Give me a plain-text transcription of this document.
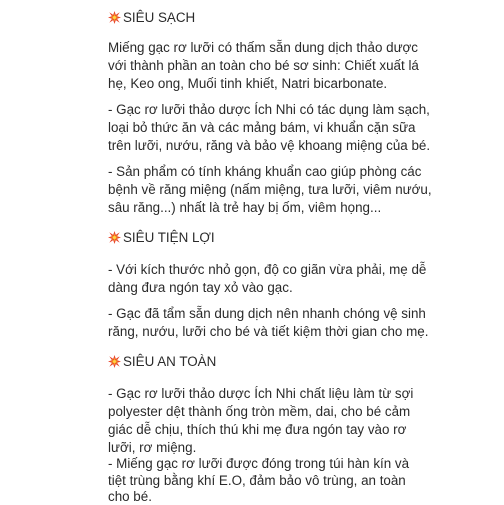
SIÊU SẠCH
Miếng gạc rơ lưỡi có thấm sẵn dung dịch thảo dược
với thành phần an toàn cho bé sơ sinh: Chiết xuất lá
hẹ, Keo ong, Muối tinh khiết, Natri bicarbonate.
- Gạc rơ lưỡi thảo dược Ích Nhi có tác dụng làm sạch,
loại bỏ thức ăn và các mảng bám, vi khuẩn cặn sữa
trên lưỡi, nướu, răng và bảo vệ khoang miệng của bé.
- Sản phẩm có tính kháng khuẩn cao giúp phòng các
bệnh về răng miệng (nấm miệng, tưa lưỡi, viêm nướu,
sâu răng...) nhất là trẻ hay bị ốm, viêm họng...
SIÊU TIỆN LỢI
- Với kích thước nhỏ gọn, độ co giãn vừa phải, mẹ dễ
dàng đưa ngón tay xỏ vào gạc.
- Gạc đã tẩm sẵn dung dịch nên nhanh chóng vệ sinh
răng, nướu, lưỡi cho bé và tiết kiệm thời gian cho mẹ.
SIÊU AN TOÀN
- Gạc rơ lưỡi thảo dược Ích Nhi chất liệu làm từ sợi
polyester dệt thành ống tròn mềm, dai, cho bé cảm
giác dễ chịu, thích thú khi mẹ đưa ngón tay vào rơ
lưỡi, rơ miệng.
- Miếng gạc rơ lưỡi được đóng trong túi hàn kín và
tiệt trùng bằng khí E.O, đảm bảo vô trùng, an toàn
cho bé.
